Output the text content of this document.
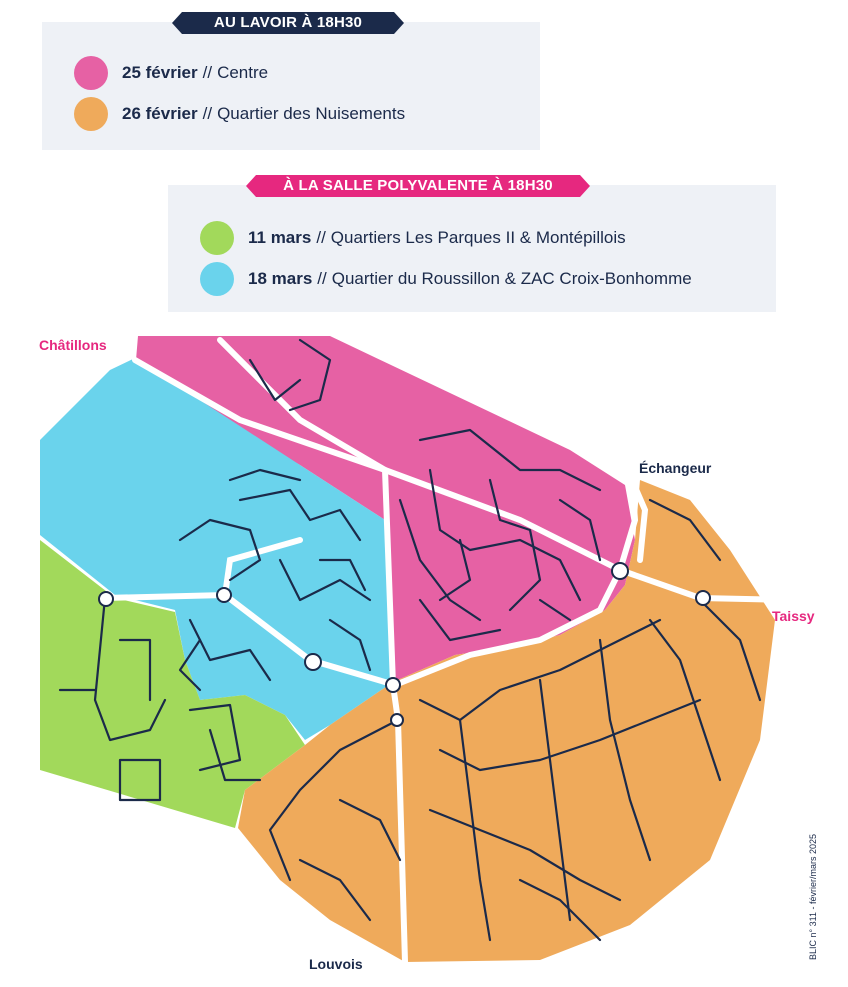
AU LAVOIR À 18H30
25 février // Centre
26 février // Quartier des Nuisements
À LA SALLE POLYVALENTE À 18H30
11 mars // Quartiers Les Parques II & Montépillois
18 mars // Quartier du Roussillon & ZAC Croix-Bonhomme
Châtillons
Échangeur
Taissy
Louvois
BLIC n° 311 - février/mars 2025
